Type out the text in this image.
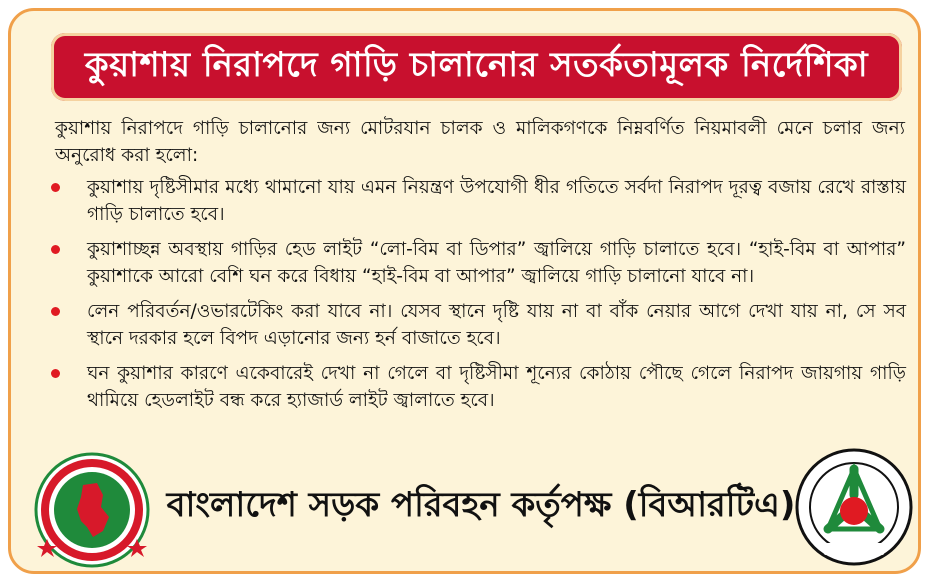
কুয়াশায় নিরাপদে গাড়ি চালানোর সতর্কতামূলক নির্দেশিকা
কুয়াশায় নিরাপদে গাড়ি চালানোর জন্য মোটরযান চালক ও মালিকগণকে নিম্নবর্ণিত নিয়মাবলী মেনে চলার জন্য অনুরোধ করা হলো:
কুয়াশায় দৃষ্টিসীমার মধ্যে থামানো যায় এমন নিয়ন্ত্রণ উপযোগী ধীর গতিতে সর্বদা নিরাপদ দূরত্ব বজায় রেখে রাস্তায় গাড়ি চালাতে হবে।
কুয়াশাচ্ছন্ন অবস্থায় গাড়ির হেড লাইট “লো-বিম বা ডিপার” জ্বালিয়ে গাড়ি চালাতে হবে। “হাই-বিম বা আপার” কুয়াশাকে আরো বেশি ঘন করে বিধায় “হাই-বিম বা আপার” জ্বালিয়ে গাড়ি চালানো যাবে না।
লেন পরিবর্তন/ওভারটেকিং করা যাবে না। যেসব স্থানে দৃষ্টি যায় না বা বাঁক নেয়ার আগে দেখা যায় না, সে সব স্থানে দরকার হলে বিপদ এড়ানোর জন্য হর্ন বাজাতে হবে।
ঘন কুয়াশার কারণে একেবারেই দেখা না গেলে বা দৃষ্টিসীমা শূন্যের কোঠায় পৌছে গেলে নিরাপদ জায়গায় গাড়ি থামিয়ে হেডলাইট বন্ধ করে হ্যাজার্ড লাইট জ্বালাতে হবে।
বাংলাদেশ সড়ক পরিবহন কর্তৃপক্ষ (বিআরটিএ)
